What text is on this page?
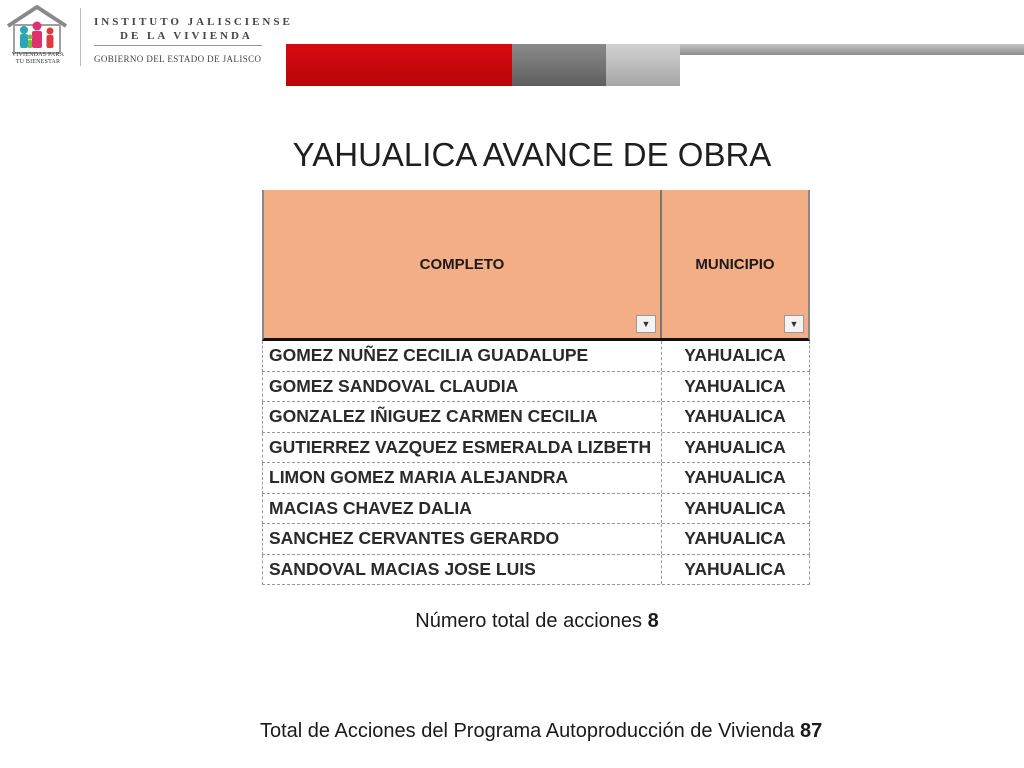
VIVIENDAS PARA
TU BIENESTAR
INSTITUTO JALISCIENSE
DE LA VIVIENDA
GOBIERNO DEL ESTADO DE JALISCO
YAHUALICA AVANCE DE OBRA
COMPLETO	MUNICIPIO
▼	▼
GOMEZ NUÑEZ CECILIA GUADALUPE	YAHUALICA
GOMEZ SANDOVAL CLAUDIA	YAHUALICA
GONZALEZ IÑIGUEZ CARMEN CECILIA	YAHUALICA
GUTIERREZ VAZQUEZ ESMERALDA LIZBETH	YAHUALICA
LIMON GOMEZ MARIA ALEJANDRA	YAHUALICA
MACIAS CHAVEZ DALIA	YAHUALICA
SANCHEZ CERVANTES GERARDO	YAHUALICA
SANDOVAL MACIAS JOSE LUIS	YAHUALICA
Número total de acciones 8
Total de Acciones del Programa Autoproducción de Vivienda 87
